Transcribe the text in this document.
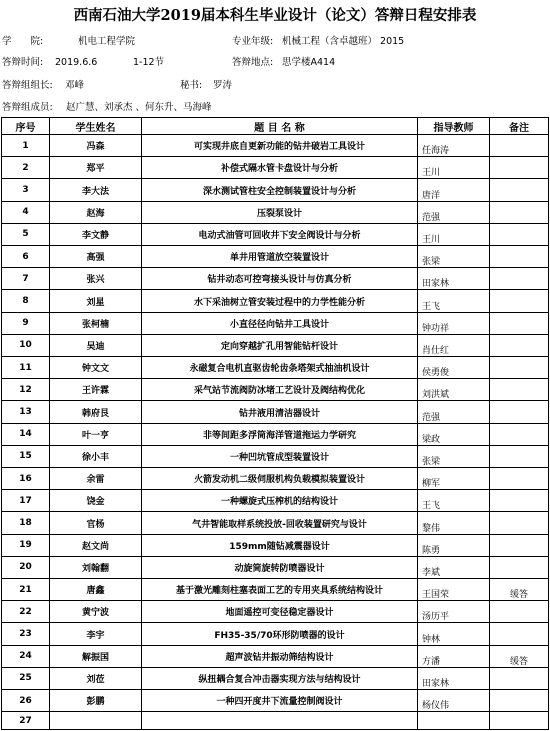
西南石油大学2019届本科生毕业设计（论文）答辩日程安排表
学　　院:	机电工程学院	专业年级: 机械工程（含卓越班） 2015
答辩时间: 2019.6.6	1-12节	答辩地点: 思学楼A414
答辩组组长: 邓峰	秘书: 罗涛
答辩组成员: 赵广慧、刘承杰 、何东升、马海峰
序号	学生姓名	题 目 名 称	指导教师	备注
1	冯森	可实现井底自更新功能的钻井破岩工具设计	任海涛	
2	郑平	补偿式隔水管卡盘设计与分析	王川	
3	李大法	深水测试管柱安全控制装置设计与分析	唐洋	
4	赵海	压裂泵设计	范强	
5	李文静	电动式油管可回收井下安全阀设计与分析	王川	
6	高强	单井用管道放空装置设计	张梁	
7	张兴	钻井动态可控弯接头设计与仿真分析	田家林	
8	刘星	水下采油树立管安装过程中的力学性能分析	王飞	
9	张柯楠	小直径径向钻井工具设计	钟功祥	
10	吴迪	定向穿越扩孔用智能钻杆设计	肖仕红	
11	钟文文	永磁复合电机直驱齿轮齿条塔架式抽油机设计	侯勇俊	
12	王许霖	采气站节流阀防冰堵工艺设计及阀结构优化	刘洪斌	
13	韩府艮	钻井液用清洁器设计	范强	
14	叶一亨	非等间距多浮筒海洋管道拖运力学研究	梁政	
15	徐小丰	一种凹坑管成型装置设计	张梁	
16	余雷	火箭发动机二级伺服机构负载模拟装置设计	柳军	
17	饶金	一种螺旋式压榨机的结构设计	王飞	
18	官杨	气井智能取样系统投放-回收装置研究与设计	黎伟	
19	赵文尚	159mm随钻减震器设计	陈勇	
20	刘翰翻	动旋筒旋转防喷器设计	李斌	
21	唐鑫	基于激光雕刻柱塞表面工艺的专用夹具系统结构设计	王国荣	缓答
22	黄宁波	地面遥控可变径稳定器设计	汤历平	
23	李宇	FH35-35/70环形防喷器的设计	钟林	
24	解振国	超声波钻井振动筛结构设计	方潘	缓答
25	刘莅	纵扭耦合复合冲击器实现方法与结构设计	田家林	
26	彭鹏	一种四开度井下流量控制阀设计	杨仪伟	
27				
